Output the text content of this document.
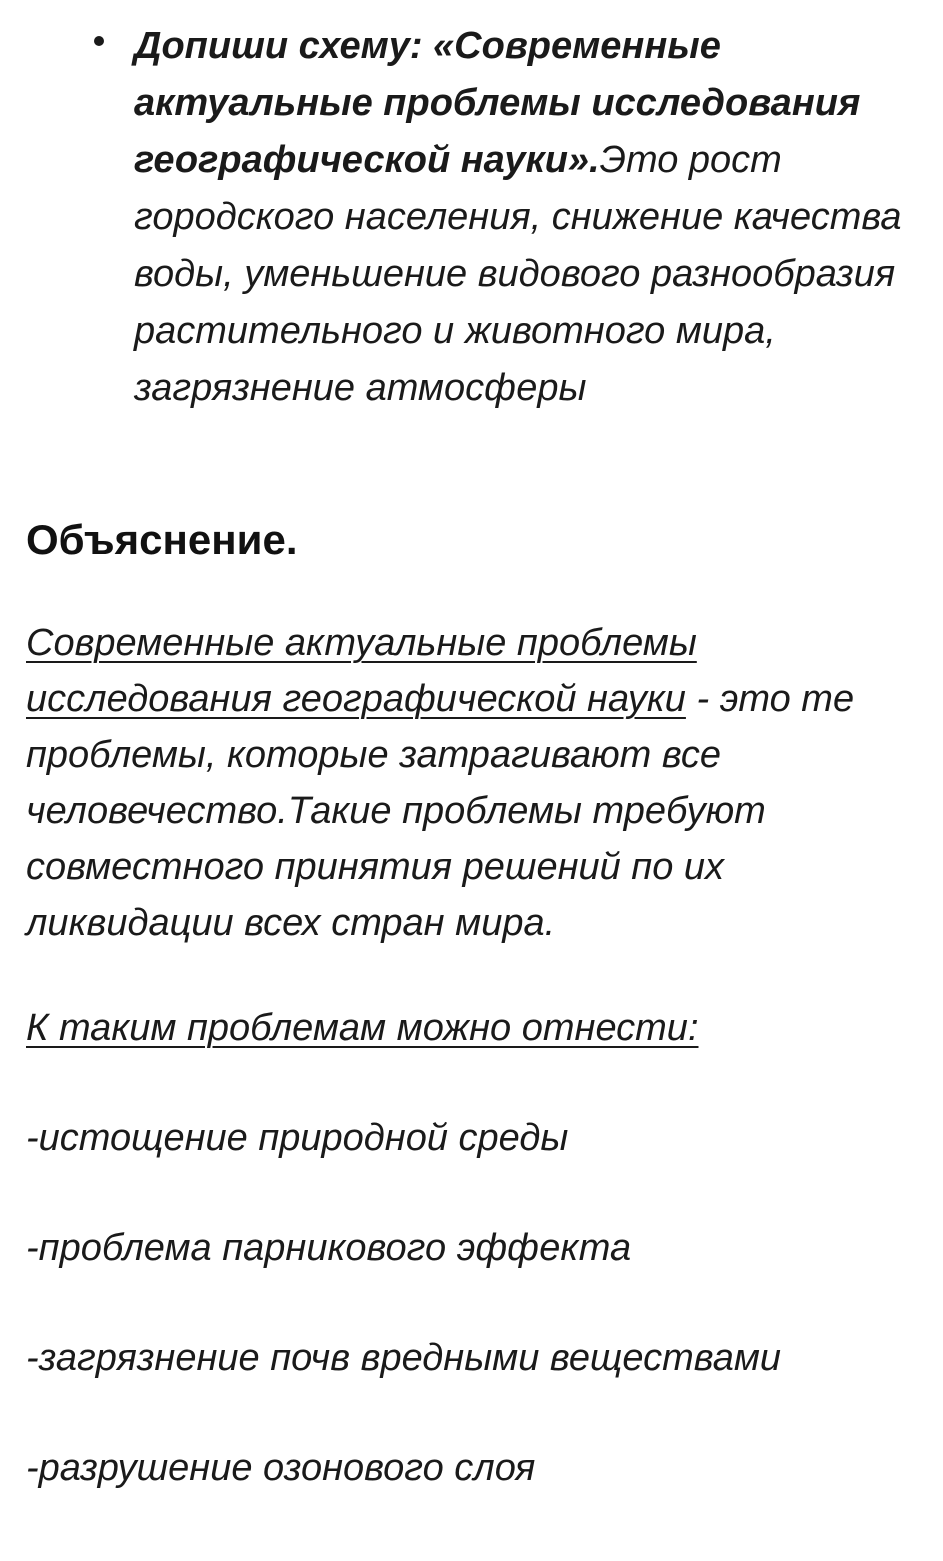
Допиши схему: «Современные актуальные проблемы исследования географической науки».Это рост городского населения, снижение качества воды, уменьшение видового разнообразия растительного и животного мира, загрязнение атмосферы
Объяснение.
Современные актуальные проблемы исследования географической науки - это те проблемы, которые затрагивают все человечество.Такие проблемы требуют совместного принятия решений по их ликвидации всех стран мира.
К таким проблемам можно отнести:
-истощение природной среды
-проблема парникового эффекта
-загрязнение почв вредными веществами
-разрушение озонового слоя
